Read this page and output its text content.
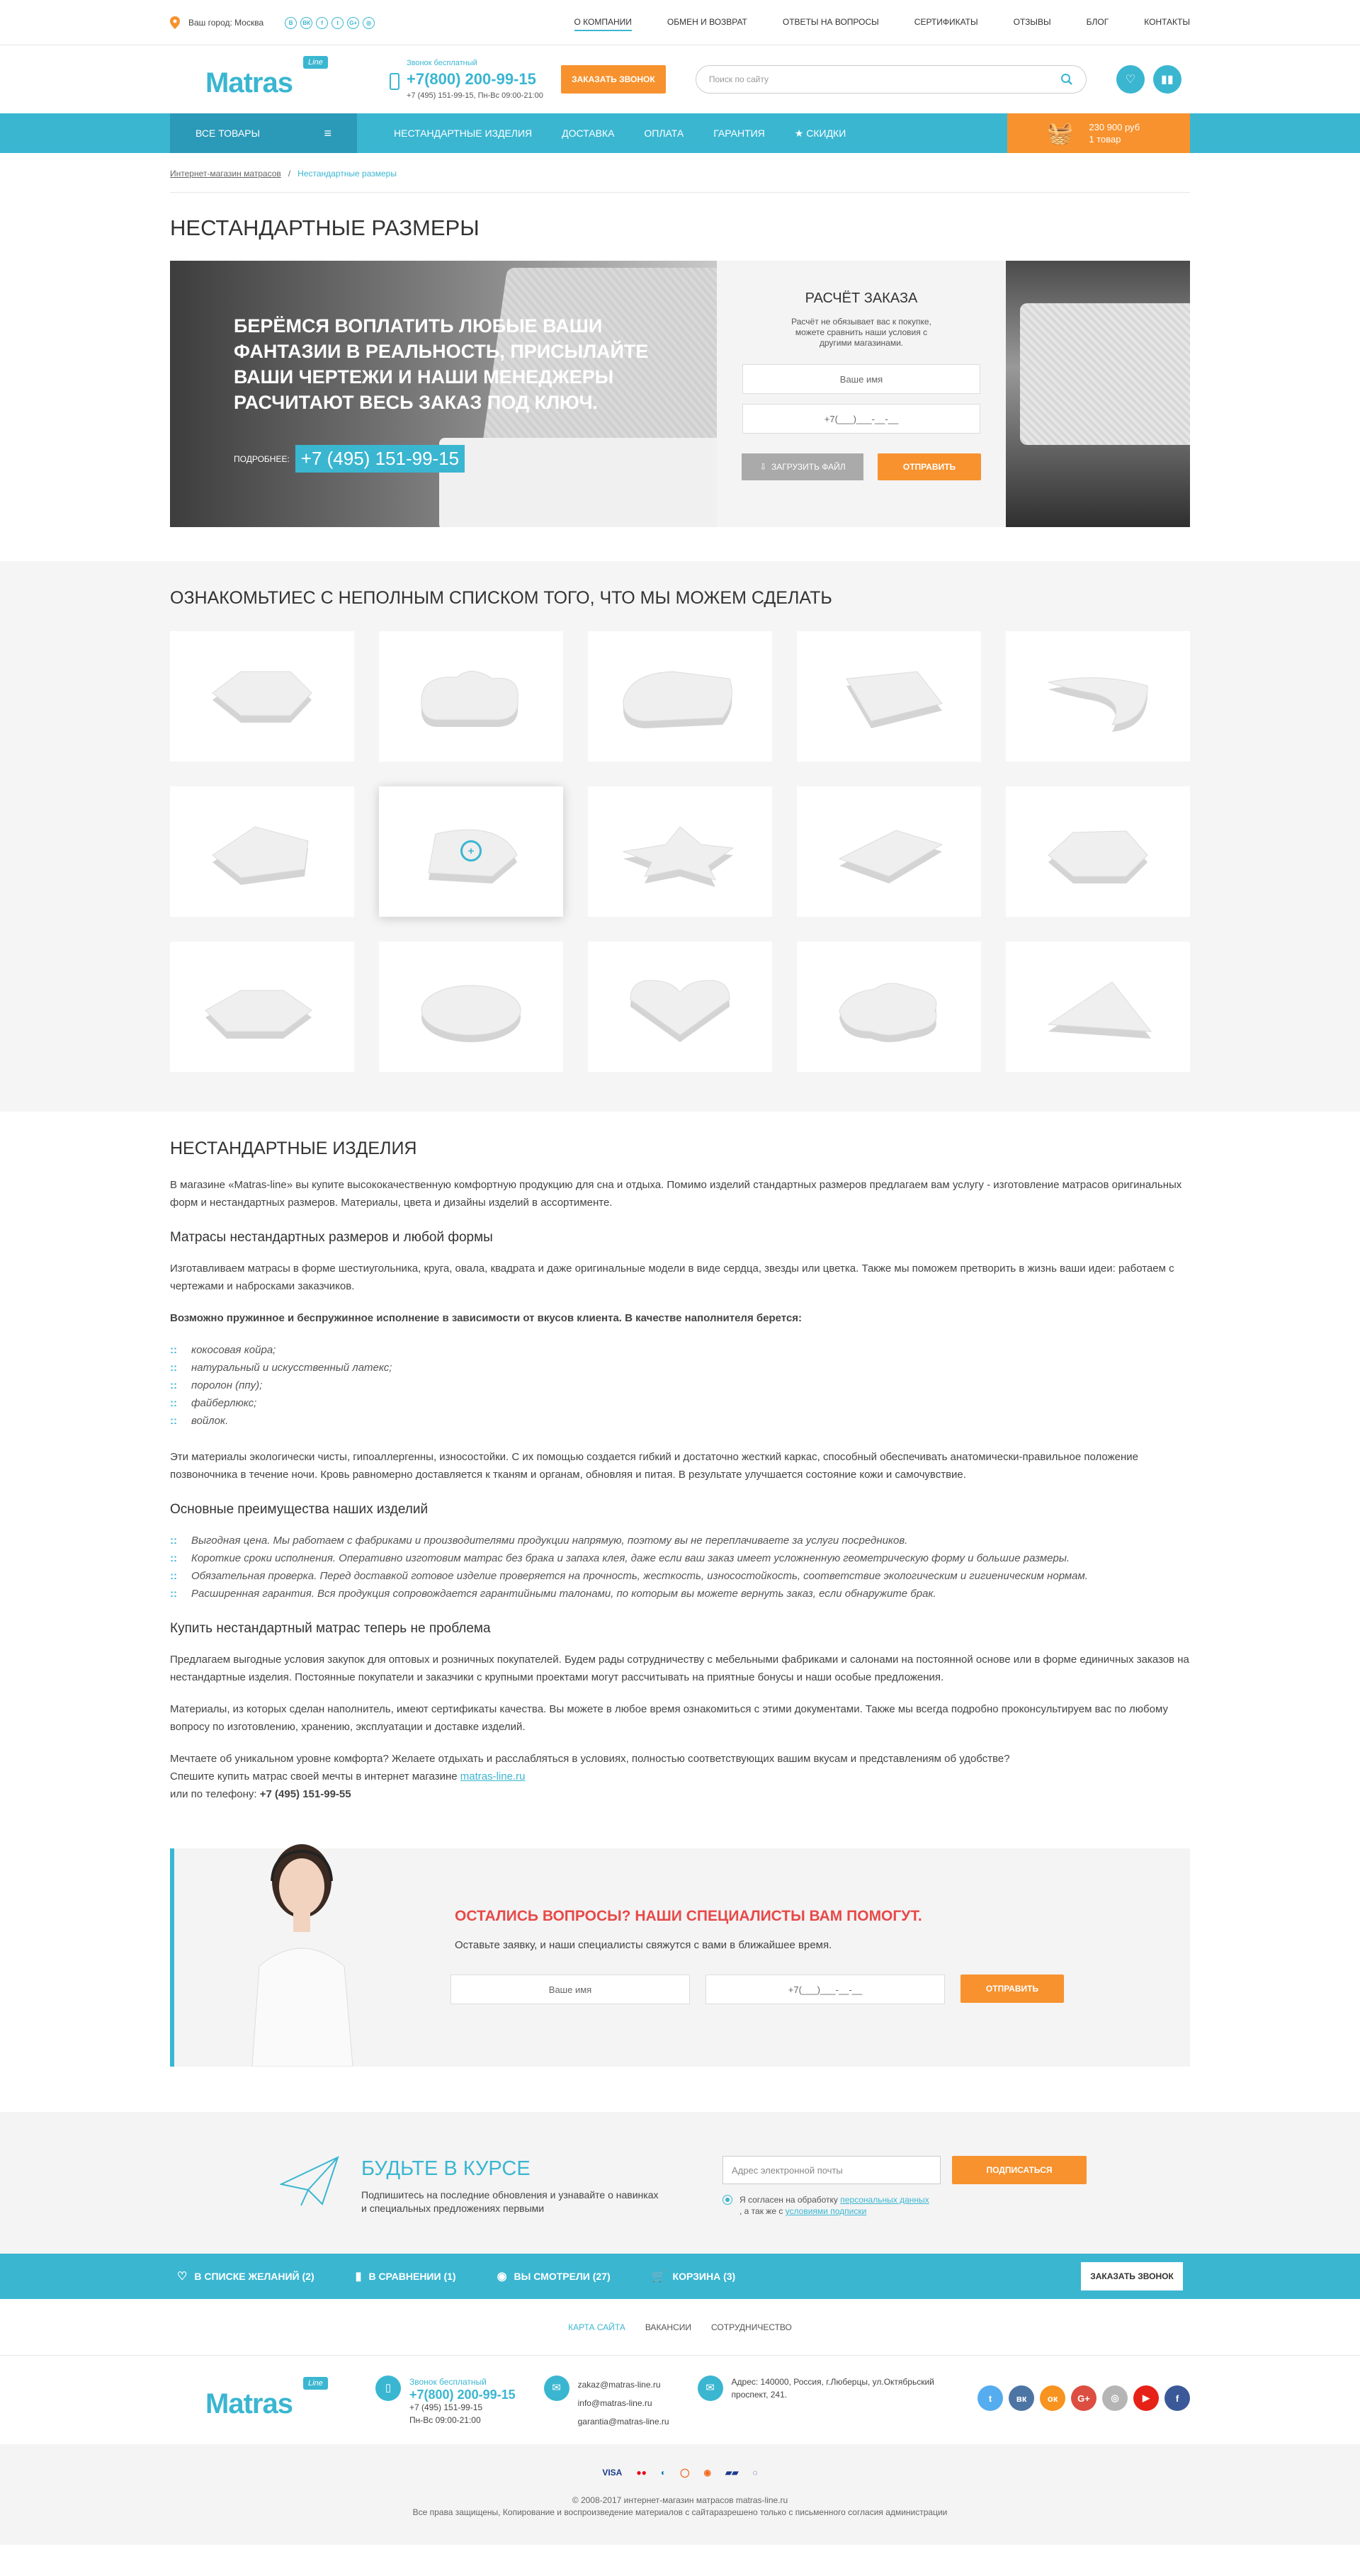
Ваш город: Москва	В	ВК	f	t	G+	◎	О КОМПАНИИ	ОБМЕН И ВОЗВРАТ	ОТВЕТЫ НА ВОПРОСЫ	СЕРТИФИКАТЫ	ОТЗЫВЫ	БЛОГ	КОНТАКТЫ
Matras
Line	Звонок бесплатный
+7(800) 200-99-15
+7 (495) 151-99-15, Пн-Вс 09:00-21:00
ЗАКАЗАТЬ ЗВОНОК	Поиск по сайту	♡	▮▮
ВСЕ ТОВАРЫ	≡	НЕСТАНДАРТНЫЕ ИЗДЕЛИЯ	ДОСТАВКА	ОПЛАТА	ГАРАНТИЯ	★ СКИДКИ	🧺 230 900 руб
1 товар
Интернет-магазин матрасов / Нестандартные размеры
НЕСТАНДАРТНЫЕ РАЗМЕРЫ
БЕРЁМСЯ ВОПЛАТИТЬ ЛЮБЫЕ ВАШИ ФАНТАЗИИ В РЕАЛЬНОСТЬ, ПРИСЫЛАЙТЕ ВАШИ ЧЕРТЕЖИ И НАШИ МЕНЕДЖЕРЫ РАСЧИТАЮТ ВЕСЬ ЗАКАЗ ПОД КЛЮЧ.
ПОДРОБНЕЕ: +7 (495) 151-99-15
РАСЧЁТ ЗАКАЗА

Расчёт не обязывает вас к покупке, можете сравнить наши условия с другими магазинами.

Ваше имя
+7(___)___-__-__
⇩ ЗАГРУЗИТЬ ФАЙЛ	ОТПРАВИТЬ
ОЗНАКОМЬТИЕС С НЕПОЛНЫМ СПИСКОМ ТОГО, ЧТО МЫ МОЖЕМ СДЕЛАТЬ
+
НЕСТАНДАРТНЫЕ ИЗДЕЛИЯ

В магазине «Matras-line» вы купите высококачественную комфортную продукцию для сна и отдыха. Помимо изделий стандартных размеров предлагаем вам услугу - изготовление матрасов оригинальных форм и нестандартных размеров. Материалы, цвета и дизайны изделий в ассортименте.

Матрасы нестандартных размеров и любой формы

Изготавливаем матрасы в форме шестиугольника, круга, овала, квадрата и даже оригинальные модели в виде сердца, звезды или цветка. Также мы поможем претворить в жизнь ваши идеи: работаем с чертежами и набросками заказчиков.

Возможно пружинное и беспружинное исполнение в зависимости от вкусов клиента. В качестве наполнителя берется:

:: кокосовая койра;
:: натуральный и искусственный латекс;
:: поролон (ппу);
:: файберлюкс;
:: войлок.

Эти материалы экологически чисты, гипоаллергенны, износостойки. С их помощью создается гибкий и достаточно жесткий каркас, способный обеспечивать анатомически-правильное положение позвоночника в течение ночи. Кровь равномерно доставляется к тканям и органам, обновляя и питая. В результате улучшается состояние кожи и самочувствие.

Основные преимущества наших изделий
:: Выгодная цена. Мы работаем с фабриками и производителями продукции напрямую, поэтому вы не переплачиваете за услуги посредников.
:: Короткие сроки исполнения. Оперативно изготовим матрас без брака и запаха клея, даже если ваш заказ имеет усложненную геометрическую форму и большие размеры.
:: Обязательная проверка. Перед доставкой готовое изделие проверяется на прочность, жесткость, износостойкость, соответствие экологическим и гигиеническим нормам.
:: Расширенная гарантия. Вся продукция сопровождается гарантийными талонами, по которым вы можете вернуть заказ, если обнаружите брак.
Купить нестандартный матрас теперь не проблема

Предлагаем выгодные условия закупок для оптовых и розничных покупателей. Будем рады сотрудничеству с мебельными фабриками и салонами на постоянной основе или в форме единичных заказов на нестандартные изделия. Постоянные покупатели и заказчики с крупными проектами могут рассчитывать на приятные бонусы и наши особые предложения.

Материалы, из которых сделан наполнитель, имеют сертификаты качества. Вы можете в любое время ознакомиться с этими документами. Также мы всегда подробно проконсультируем вас по любому вопросу по изготовлению, хранению, эксплуатации и доставке изделий.

Мечтаете об уникальном уровне комфорта? Желаете отдыхать и расслабляться в условиях, полностью соответствующих вашим вкусам и представлениям об удобстве?

Спешите купить матрас своей мечты в интернет магазине matras-line.ru

или по телефону: +7 (495) 151-99-55

ОСТАЛИСЬ ВОПРОСЫ? НАШИ СПЕЦИАЛИСТЫ ВАМ ПОМОГУТ.
Оставьте заявку, и наши специалисты свяжутся с вами в ближайшее время.
Ваше имя	+7(___)___-__-__	ОТПРАВИТЬ
БУДЬТЕ В КУРСЕ
Подпишитесь на последние обновления и узнавайте о навинках и специальных предложениях первыми
Адрес электронной почты	ПОДПИСАТЬСЯ
Я согласен на обработку персональных данных
, а так же с условиями подписки
♡ В СПИСКЕ ЖЕЛАНИЙ (2)	▮ В СРАВНЕНИИ (1)	◉ ВЫ СМОТРЕЛИ (27)	🛒 КОРЗИНА (3)	ЗАКАЗАТЬ ЗВОНОК
КАРТА САЙТА ВАКАНСИИ СОТРУДНИЧЕСТВО
Matras
Line	▯	Звонок бесплатный
+7(800) 200-99-15
+7 (495) 151-99-15
Пн-Вс 09:00-21:00
✉	zakaz@matras-line.ru
info@matras-line.ru
garantia@matras-line.ru
✉	Адрес: 140000, Россия, г.Люберцы, ул.Октябрьский проспект, 241.	t	вк	ок	G+	◎	▶	f
VISA ●● ◐ ◯ ◉ ▰▰ ◌
© 2008-2017 интернет-магазин матрасов matras-line.ru
Все права защищены, Копирование и воспроизведение материалов с сайтаразрешено только с письменного согласия администрации
